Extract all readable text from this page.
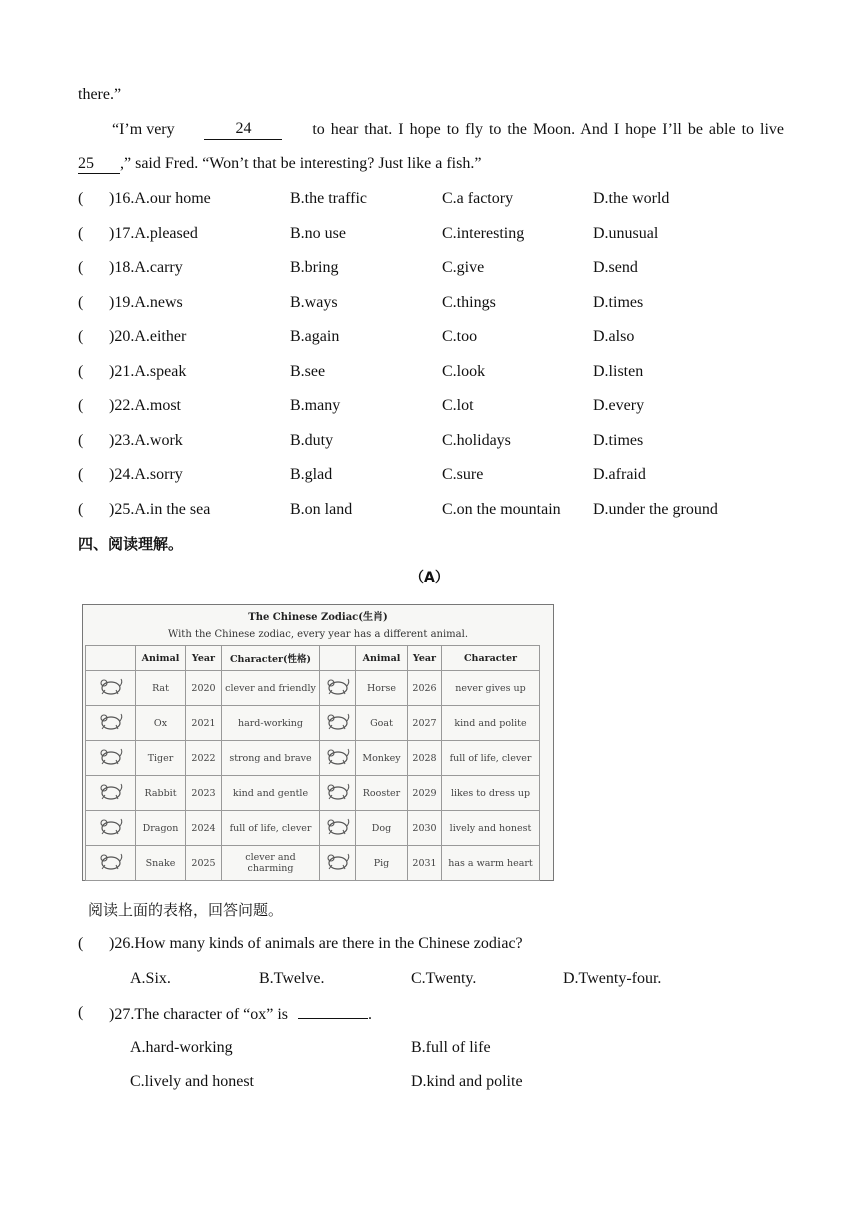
there.”
“I’m very	24	to hear that. I hope to fly to the Moon. And I hope I’ll be able to live
25 ,” said Fred. “Won’t that be interesting? Just like a fish.”
( )16.A.our home	B.the traffic	C.a factory	D.the world
( )17.A.pleased	B.no use	C.interesting	D.unusual
( )18.A.carry	B.bring	C.give	D.send
( )19.A.news	B.ways	C.things	D.times
( )20.A.either	B.again	C.too	D.also
( )21.A.speak	B.see	C.look	D.listen
( )22.A.most	B.many	C.lot	D.every
( )23.A.work	B.duty	C.holidays	D.times
( )24.A.sorry	B.glad	C.sure	D.afraid
( )25.A.in the sea	B.on land	C.on the mountain D.under the ground
四、阅读理解。
（A）
The Chinese Zodiac(生肖)
With the Chinese zodiac, every year has a different animal.
	Animal	Year	Character(性格)		Animal	Year	Character
	Rat	2020	clever and friendly		Horse	2026	never gives up
	Ox	2021	hard-working		Goat	2027	kind and polite
	Tiger	2022	strong and brave		Monkey	2028	full of life, clever
	Rabbit	2023	kind and gentle		Rooster	2029	likes to dress up
	Dragon	2024	full of life, clever		Dog	2030	lively and honest
	Snake	2025	clever and charming		Pig	2031	has a warm heart
阅读上面的表格，回答问题。
( )26.How many kinds of animals are there in the Chinese zodiac?
A.Six.	B.Twelve.	C.Twenty.	D.Twenty-four.
( )27.The character of “ox” is	.
A.hard-working	B.full of life
C.lively and honest	D.kind and polite
